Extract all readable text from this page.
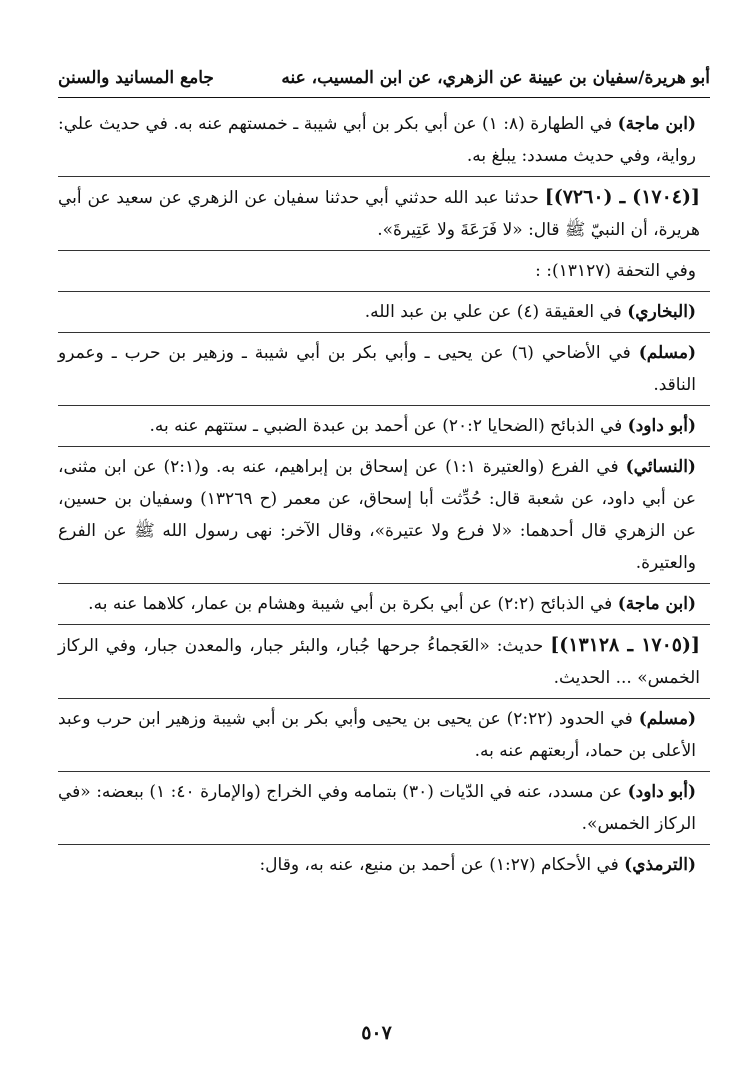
أبو هريرة/سفيان بن عيينة عن الزهري، عن ابن المسيب، عنه
جامع المسانيد والسنن

(ابن ماجة) في الطهارة (٨: ١) عن أبي بكر بن أبي شيبة ـ خمستهم عنه به. في حديث علي: رواية، وفي حديث مسدد: يبلغ به.

[(١٧٠٤) ـ (٧٢٦٠)] حدثنا عبد الله حدثني أبي حدثنا سفيان عن الزهري عن سعيد عن أبي هريرة، أن النبيّ ﷺ قال: «لا فَرَعَةَ ولا عَتِيرةَ».

وفي التحفة (١٣١٢٧): :

(البخاري) في العقيقة (٤) عن علي بن عبد الله.

(مسلم) في الأضاحي (٦) عن يحيى ـ وأبي بكر بن أبي شيبة ـ وزهير بن حرب ـ وعمرو الناقد.

(أبو داود) في الذبائح (الضحايا ٢٠:٢) عن أحمد بن عبدة الضبي ـ ستتهم عنه به.

(النسائي) في الفرع (والعتيرة ١:١) عن إسحاق بن إبراهيم، عنه به. و(٢:١) عن ابن مثنى، عن أبي داود، عن شعبة قال: حُدِّثت أبا إسحاق، عن معمر (ح ١٣٢٦٩) وسفيان بن حسين، عن الزهري قال أحدهما: «لا فرع ولا عتيرة»، وقال الآخر: نهى رسول الله ﷺ عن الفرع والعتيرة.

(ابن ماجة) في الذبائح (٢:٢) عن أبي بكرة بن أبي شيبة وهشام بن عمار، كلاهما عنه به.

[(١٧٠٥ ـ ١٣١٢٨)] حديث: «العَجماءُ جرحها جُبار، والبئر جبار، والمعدن جبار، وفي الركاز الخمس» ... الحديث.

(مسلم) في الحدود (٢:٢٢) عن يحيى بن يحيى وأبي بكر بن أبي شيبة وزهير ابن حرب وعبد الأعلى بن حماد، أربعتهم عنه به.

(أبو داود) عن مسدد، عنه في الدّيات (٣٠) بتمامه وفي الخراج (والإمارة ٤٠: ١) ببعضه: «في الركاز الخمس».

(الترمذي) في الأحكام (١:٢٧) عن أحمد بن منيع، عنه به، وقال:

٥٠٧
